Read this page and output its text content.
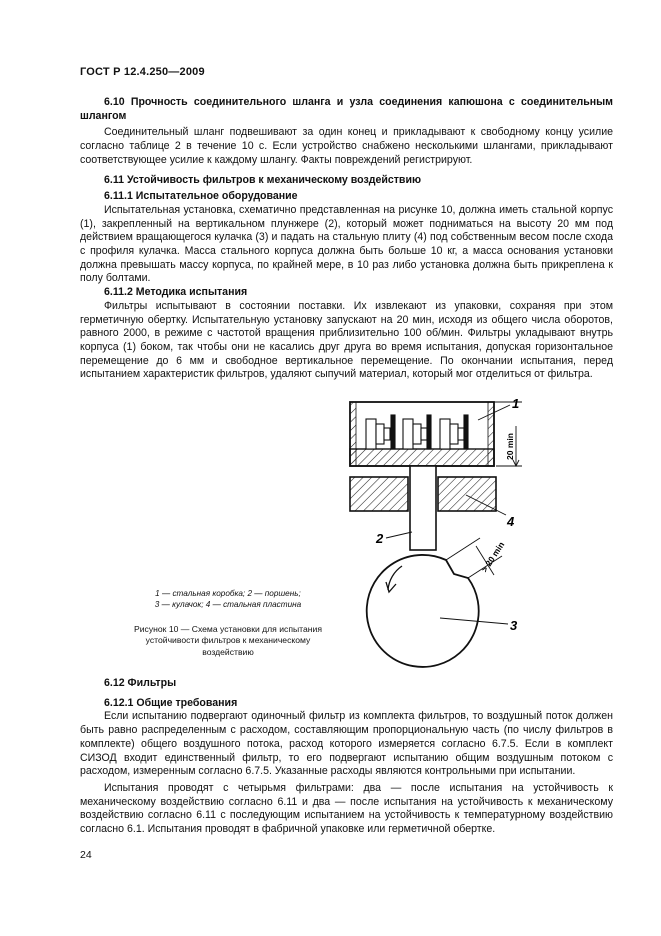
ГОСТ Р 12.4.250—2009

6.10 Прочность соединительного шланга и узла соединения капюшона с соединительным шлангом

Соединительный шланг подвешивают за один конец и прикладывают к свободному концу усилие согласно таблице 2 в течение 10 с. Если устройство снабжено несколькими шлангами, прикладывают соответствующее усилие к каждому шлангу. Факты повреждений регистрируют.

6.11 Устойчивость фильтров к механическому воздействию

6.11.1 Испытательное оборудование

Испытательная установка, схематично представленная на рисунке 10, должна иметь стальной корпус (1), закрепленный на вертикальном плунжере (2), который может подниматься на высоту 20 мм под действием вращающегося кулачка (3) и падать на стальную плиту (4) под собственным весом после схода с профиля кулачка. Масса стального корпуса должна быть больше 10 кг, а масса основания установки должна превышать массу корпуса, по крайней мере, в 10 раз либо установка должна быть прикреплена к полу болтами.

6.11.2 Методика испытания

Фильтры испытывают в состоянии поставки. Их извлекают из упаковки, сохраняя при этом герметичную обертку. Испытательную установку запускают на 20 мин, исходя из общего числа оборотов, равного 2000, в режиме с частотой вращения приблизительно 100 об/мин. Фильтры укладывают внутрь корпуса (1) боком, так чтобы они не касались друг друга во время испытания, допуская горизонтальное перемещение до 6 мм и свободное вертикальное перемещение. По окончании испытания, перед испытанием характеристик фильтров, удаляют сыпучий материал, который мог отделиться от фильтра.

1
4
2
3
20 min
> 20 min
1 — стальная коробка; 2 — поршень;
3 — кулачок; 4 — стальная пластина
Рисунок 10 — Схема установки для испытания устойчивости фильтров к механическому воздействию

6.12 Фильтры

6.12.1 Общие требования

Если испытанию подвергают одиночный фильтр из комплекта фильтров, то воздушный поток должен быть равно распределенным с расходом, составляющим пропорциональную часть (по числу фильтров в комплекте) общего воздушного потока, расход которого измеряется согласно 6.7.5. Если в комплект СИЗОД входит единственный фильтр, то его подвергают испытанию общим воздушным потоком с расходом, измеренным согласно 6.7.5. Указанные расходы являются контрольными при испытании.

Испытания проводят с четырьмя фильтрами: два — после испытания на устойчивость к механическому воздействию согласно 6.11 и два — после испытания на устойчивость к механическому воздействию согласно 6.11 с последующим испытанием на устойчивость к температурному воздействию согласно 6.1. Испытания проводят в фабричной упаковке или герметичной обертке.

24
